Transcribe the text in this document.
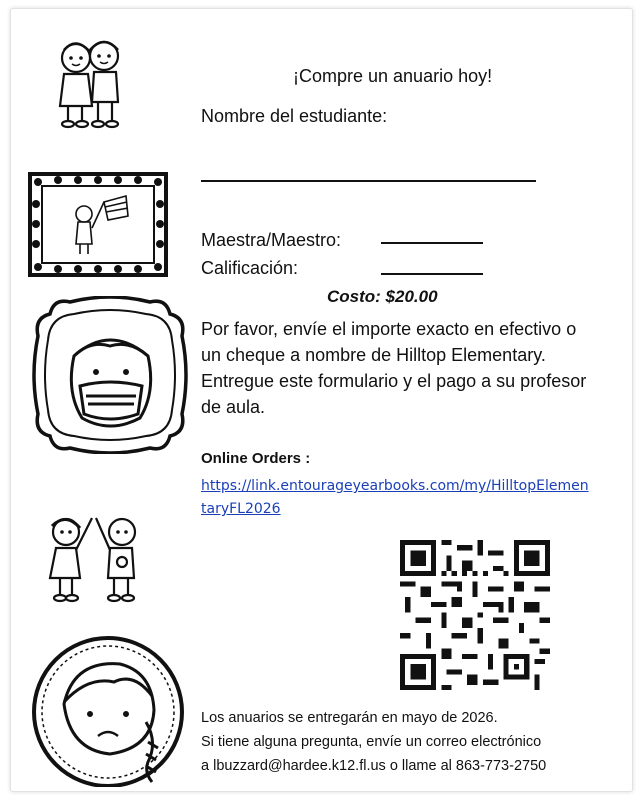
¡Compre un anuario hoy!
Nombre del estudiante:
Maestra/Maestro:
Calificación:
Costo: $20.00
Por favor, envíe el importe exacto en efectivo o un cheque a nombre de Hilltop Elementary. Entregue este formulario y el pago a su profesor de aula.
Online Orders :
https://link.entourageyearbooks.com/my/HilltopElementaryFL2026
Los anuarios se entregarán en mayo de 2026.
Si tiene alguna pregunta, envíe un correo electrónico
a lbuzzard@hardee.k12.fl.us o llame al 863-773-2750
